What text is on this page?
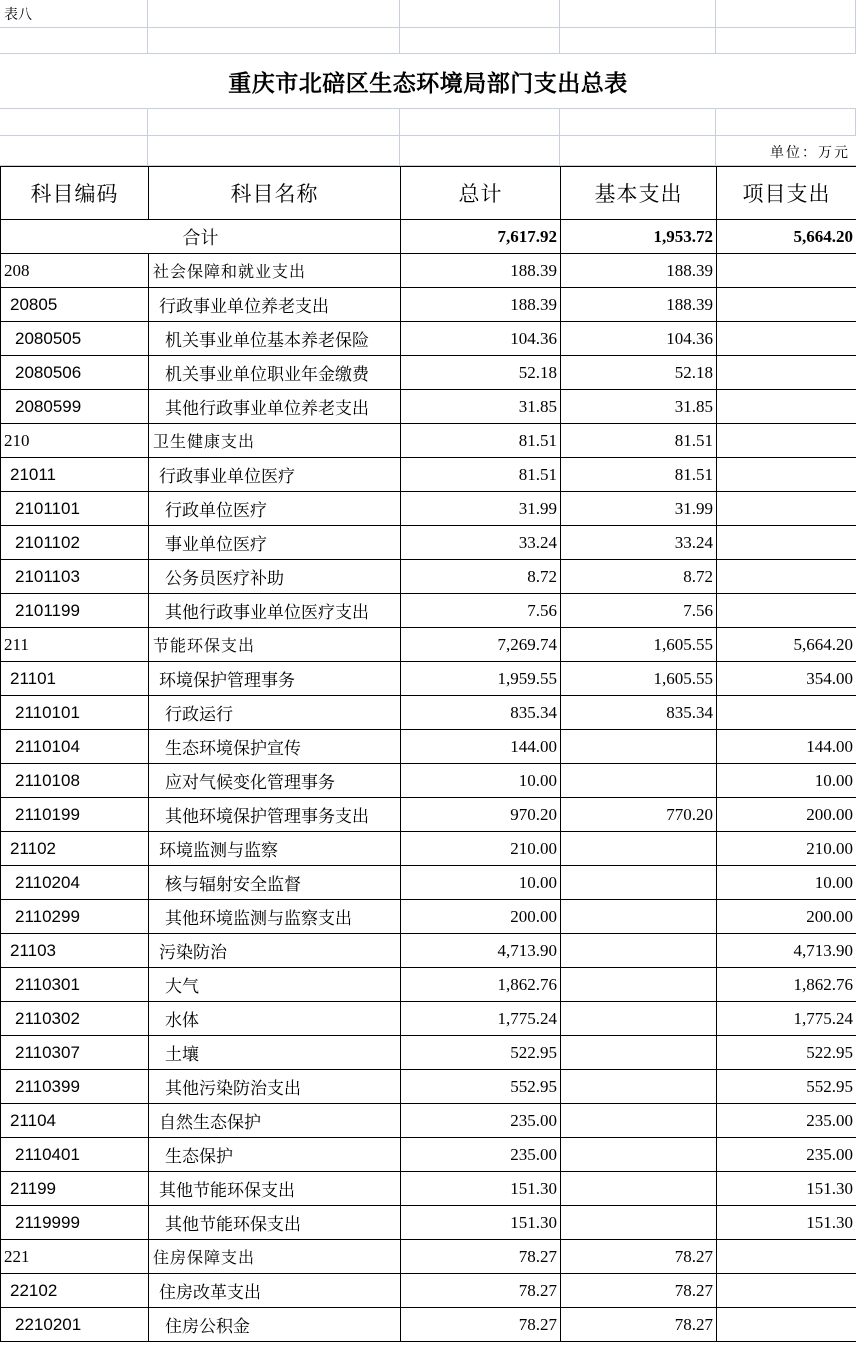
表八
重庆市北碚区生态环境局部门支出总表
单位：万元
科目编码	科目名称	总计	基本支出	项目支出
合计		7,617.92	1,953.72	5,664.20
208	社会保障和就业支出	188.39	188.39	
20805	行政事业单位养老支出	188.39	188.39	
2080505	机关事业单位基本养老保险	104.36	104.36	
2080506	机关事业单位职业年金缴费	52.18	52.18	
2080599	其他行政事业单位养老支出	31.85	31.85	
210	卫生健康支出	81.51	81.51	
21011	行政事业单位医疗	81.51	81.51	
2101101	行政单位医疗	31.99	31.99	
2101102	事业单位医疗	33.24	33.24	
2101103	公务员医疗补助	8.72	8.72	
2101199	其他行政事业单位医疗支出	7.56	7.56	
211	节能环保支出	7,269.74	1,605.55	5,664.20
21101	环境保护管理事务	1,959.55	1,605.55	354.00
2110101	行政运行	835.34	835.34	
2110104	生态环境保护宣传	144.00		144.00
2110108	应对气候变化管理事务	10.00		10.00
2110199	其他环境保护管理事务支出	970.20	770.20	200.00
21102	环境监测与监察	210.00		210.00
2110204	核与辐射安全监督	10.00		10.00
2110299	其他环境监测与监察支出	200.00		200.00
21103	污染防治	4,713.90		4,713.90
2110301	大气	1,862.76		1,862.76
2110302	水体	1,775.24		1,775.24
2110307	土壤	522.95		522.95
2110399	其他污染防治支出	552.95		552.95
21104	自然生态保护	235.00		235.00
2110401	生态保护	235.00		235.00
21199	其他节能环保支出	151.30		151.30
2119999	其他节能环保支出	151.30		151.30
221	住房保障支出	78.27	78.27	
22102	住房改革支出	78.27	78.27	
2210201	住房公积金	78.27	78.27	
